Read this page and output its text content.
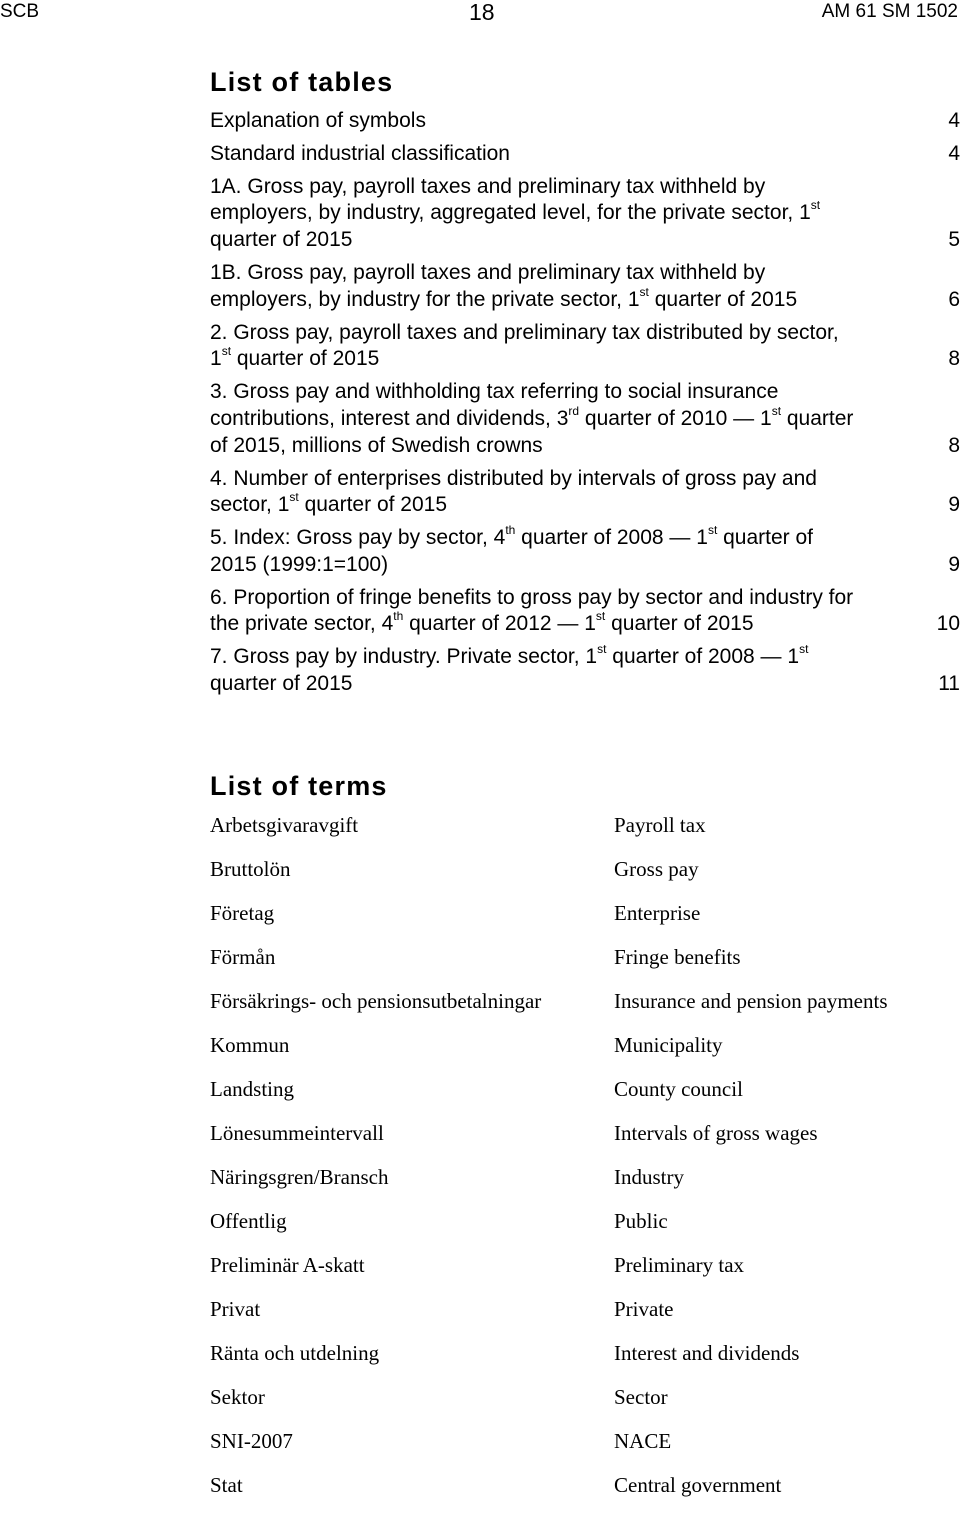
SCB	18	AM 61 SM 1502
List of tables
Explanation of symbols	4
Standard industrial classification	4
1A. Gross pay, payroll taxes and preliminary tax withheld by
employers, by industry, aggregated level, for the private sector, 1st
quarter of 2015	5
1B. Gross pay, payroll taxes and preliminary tax withheld by
employers, by industry for the private sector, 1st quarter of 2015	6
2. Gross pay, payroll taxes and preliminary tax distributed by sector,
1st quarter of 2015	8
3. Gross pay and withholding tax referring to social insurance
contributions, interest and dividends, 3rd quarter of 2010 — 1st quarter
of 2015, millions of Swedish crowns	8
4. Number of enterprises distributed by intervals of gross pay and
sector, 1st quarter of 2015	9
5. Index: Gross pay by sector, 4th quarter of 2008 — 1st quarter of
2015 (1999:1=100)	9
6. Proportion of fringe benefits to gross pay by sector and industry for
the private sector, 4th quarter of 2012 — 1st quarter of 2015	10
7. Gross pay by industry. Private sector, 1st quarter of 2008 — 1st
quarter of 2015	11
List of terms
Arbetsgivaravgift	Payroll tax
Bruttolön	Gross pay
Företag	Enterprise
Förmån	Fringe benefits
Försäkrings- och pensionsutbetalningar	Insurance and pension payments
Kommun	Municipality
Landsting	County council
Lönesummeintervall	Intervals of gross wages
Näringsgren/Bransch	Industry
Offentlig	Public
Preliminär A-skatt	Preliminary tax
Privat	Private
Ränta och utdelning	Interest and dividends
Sektor	Sector
SNI-2007	NACE
Stat	Central government
